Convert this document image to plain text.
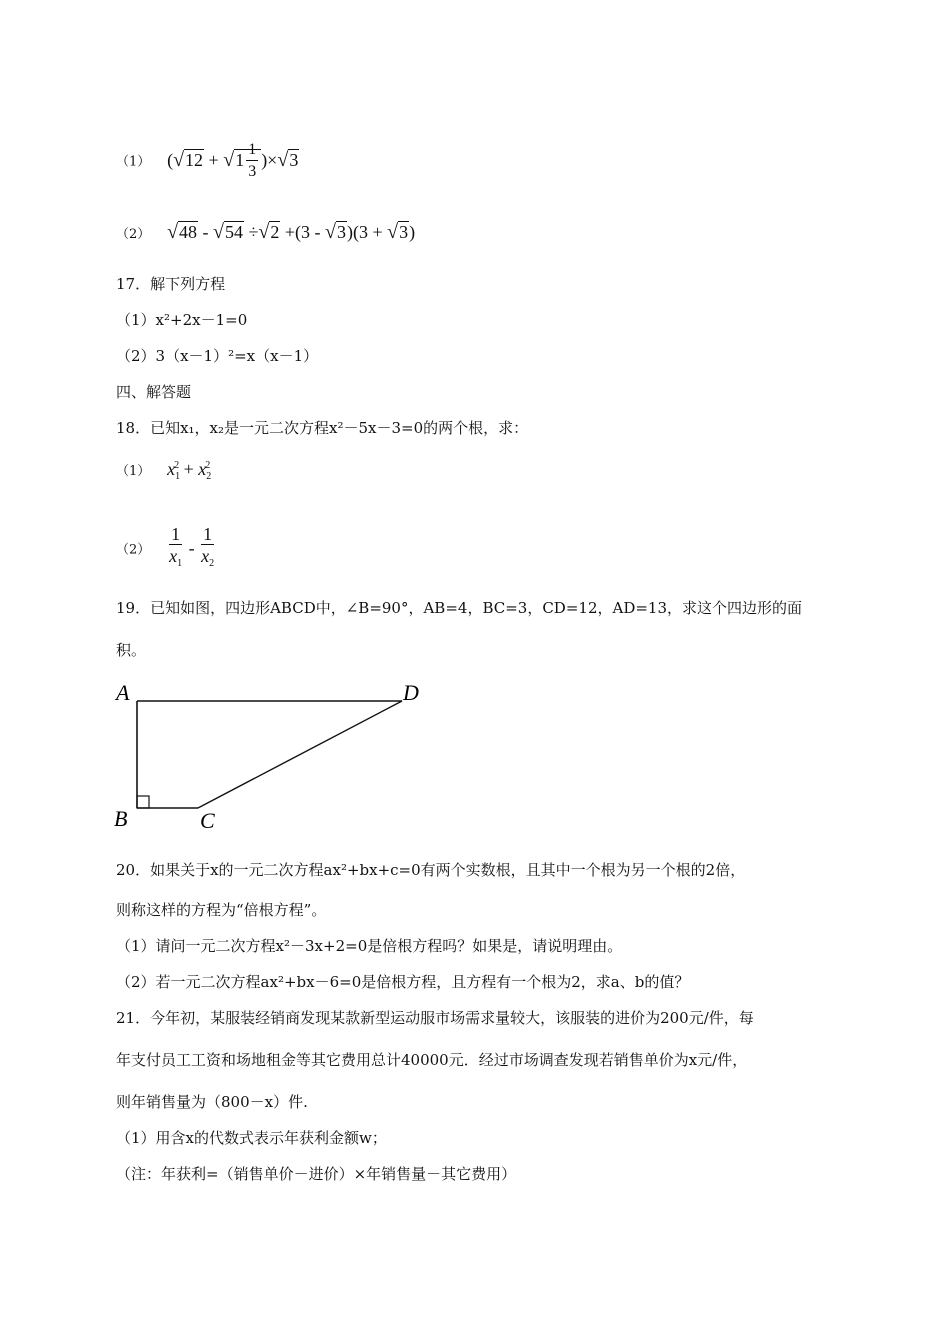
（1） $(√12 + √1 \frac{1}{3} )\times√3$
（2） √48 - √54 ÷√2 +(3 - √3)(3 + √3)
17．解下列方程
（1）x²+2x－1=0
（2）3（x－1）²=x（x－1）
四、解答题
18．已知x₁，x₂是一元二次方程x²－5x－3=0的两个根，求：
（1） $x_1^2 + x_2^2$
$(2) \frac{1}{x_1} - \frac{1}{x_2}$
19．已知如图，四边形ABCD中，∠B=90°，AB=4，BC=3，CD=12，AD=13，求这个四边形的面
积。
A	D
B	C
20．如果关于x的一元二次方程ax²+bx+c=0有两个实数根，且其中一个根为另一个根的2倍，
则称这样的方程为“倍根方程”。
（1）请问一元二次方程x²－3x+2=0是倍根方程吗？如果是，请说明理由。
（2）若一元二次方程ax²+bx－6=0是倍根方程，且方程有一个根为2，求a、b的值？
21．今年初，某服装经销商发现某款新型运动服市场需求量较大，该服装的进价为200元/件，每
年支付员工工资和场地租金等其它费用总计40000元．经过市场调查发现若销售单价为x元/件，
则年销售量为（800－x）件.
（1）用含x的代数式表示年获利金额w；
（注：年获利=（销售单价－进价）×年销售量－其它费用）
